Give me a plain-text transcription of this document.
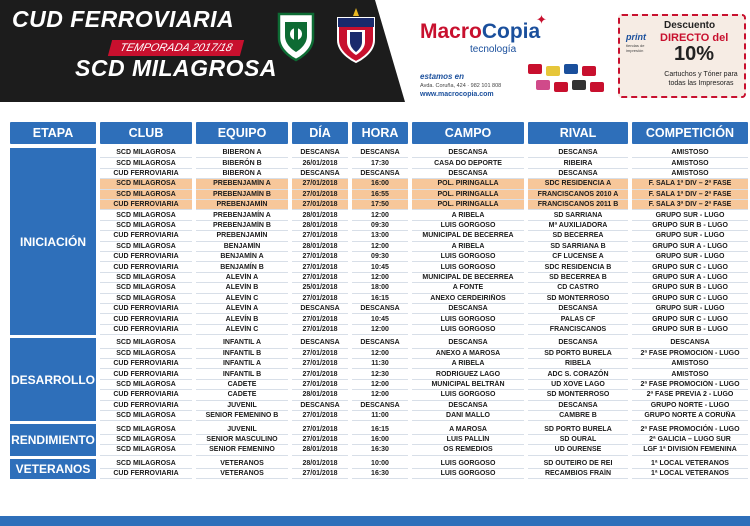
CUD FERROVIARIA
TEMPORADA 2017/18
SCD MILAGROSA
✦
MacroCopia
tecnología
estamos en
Avda. Coruña, 424 · 982 101 808
www.macrocopia.com
print
tiendas de impresión
Descuento
DIRECTO del
10%
Cartuchos y Tóner para todas las Impresoras
ETAPA	CLUB	EQUIPO	DÍA	HORA	CAMPO	RIVAL	COMPETICIÓN
SCD MILAGROSA	BIBERÓN A	DESCANSA	DESCANSA	DESCANSA	DESCANSA	AMISTOSO
SCD MILAGROSA	BIBERÓN B	26/01/2018	17:30	CASA DO DEPORTE	RIBEIRA	AMISTOSO
CUD FERROVIARIA	BIBERÓN A	DESCANSA	DESCANSA	DESCANSA	DESCANSA	AMISTOSO
SCD MILAGROSA	PREBENJAMÍN A	27/01/2018	16:00	POL. PIRINGALLA	SDC RESIDENCIA A	F. SALA 1ª DIV – 2ª FASE
SCD MILAGROSA	PREBENJAMÍN B	27/01/2018	16:55	POL. PIRINGALLA	FRANCISCANOS 2010 A	F. SALA 1ª DIV – 2ª FASE
CUD FERROVIARIA	PREBENJAMÍN	27/01/2018	17:50	POL. PIRINGALLA	FRANCISCANOS 2011 B	F. SALA 3ª DIV – 2ª FASE
SCD MILAGROSA	PREBENJAMÍN A	28/01/2018	12:00	A RIBELA	SD SARRIANA	GRUPO SUR - LUGO
SCD MILAGROSA	PREBENJAMÍN B	28/01/2018	09:30	LUIS GORGOSO	Mª AUXILIADORA	GRUPO SUR B - LUGO
CUD FERROVIARIA	PREBENJAMÍN	27/01/2018	13:00	MUNICIPAL DE BECERREA	SD BECERREA	GRUPO SUR - LUGO
SCD MILAGROSA	BENJAMÍN	28/01/2018	12:00	A RIBELA	SD SARRIANA B	GRUPO SUR A - LUGO
CUD FERROVIARIA	BENJAMÍN A	27/01/2018	09:30	LUIS GORGOSO	CF LUCENSE A	GRUPO SUR - LUGO
CUD FERROVIARIA	BENJAMÍN B	27/01/2018	10:45	LUIS GORGOSO	SDC RESIDENCIA B	GRUPO SUR C - LUGO
SCD MILAGROSA	ALEVÍN A	27/01/2018	12:00	MUNICIPAL DE BECERREA	SD BECERREA B	GRUPO SUR A - LUGO
SCD MILAGROSA	ALEVÍN B	25/01/2018	18:00	A FONTE	CD CASTRO	GRUPO SUR B - LUGO
SCD MILAGROSA	ALEVÍN C	27/01/2018	16:15	ANEXO CERDEIRIÑOS	SD MONTERROSO	GRUPO SUR C - LUGO
CUD FERROVIARIA	ALEVÍN A	DESCANSA	DESCANSA	DESCANSA	DESCANSA	GRUPO SUR - LUGO
CUD FERROVIARIA	ALEVÍN B	27/01/2018	10:45	LUIS GORGOSO	PALAS CF	GRUPO SUR C - LUGO
CUD FERROVIARIA	ALEVÍN C	27/01/2018	12:00	LUIS GORGOSO	FRANCISCANOS	GRUPO SUR B - LUGO
INICIACIÓN
SCD MILAGROSA	INFANTIL A	DESCANSA	DESCANSA	DESCANSA	DESCANSA	DESCANSA
SCD MILAGROSA	INFANTIL B	27/01/2018	12:00	ANEXO A MAROSA	SD PORTO BURELA	2ª FASE PROMOCIÓN - LUGO
CUD FERROVIARIA	INFANTIL A	27/01/2018	11:30	A RIBELA	RIBELA	AMISTOSO
CUD FERROVIARIA	INFANTIL B	27/01/2018	12:30	RODRIGUEZ LAGO	ADC S. CORAZÓN	AMISTOSO
SCD MILAGROSA	CADETE	27/01/2018	12:00	MUNICIPAL BELTRÁN	UD XOVE LAGO	2ª FASE PROMOCIÓN - LUGO
CUD FERROVIARIA	CADETE	28/01/2018	12:00	LUIS GORGOSO	SD MONTERROSO	2ª FASE PREVIA 2 - LUGO
CUD FERROVIARIA	JUVENIL	DESCANSA	DESCANSA	DESCANSA	DESCANSA	GRUPO NORTE - LUGO
SCD MILAGROSA	SENIOR FEMENINO B	27/01/2018	11:00	DANI MALLO	CAMBRE B	GRUPO NORTE A CORUÑA
DESARROLLO
SCD MILAGROSA	JUVENIL	27/01/2018	16:15	A MAROSA	SD PORTO BURELA	2ª FASE PROMOCIÓN - LUGO
SCD MILAGROSA	SENIOR MASCULINO	27/01/2018	16:00	LUIS PALLÍN	SD OURAL	2ª GALICIA – LUGO SUR
SCD MILAGROSA	SENIOR FEMENINO	28/01/2018	16:30	OS REMEDIOS	UD OURENSE	LGF 1ª DIVISIÓN FEMENINA
RENDIMIENTO
SCD MILAGROSA	VETERANOS	28/01/2018	10:00	LUIS GORGOSO	SD OUTEIRO DE REI	1ª LOCAL VETERANOS
CUD FERROVIARIA	VETERANOS	27/01/2018	16:30	LUIS GORGOSO	RECAMBIOS FRAÍN	1ª LOCAL VETERANOS
VETERANOS
